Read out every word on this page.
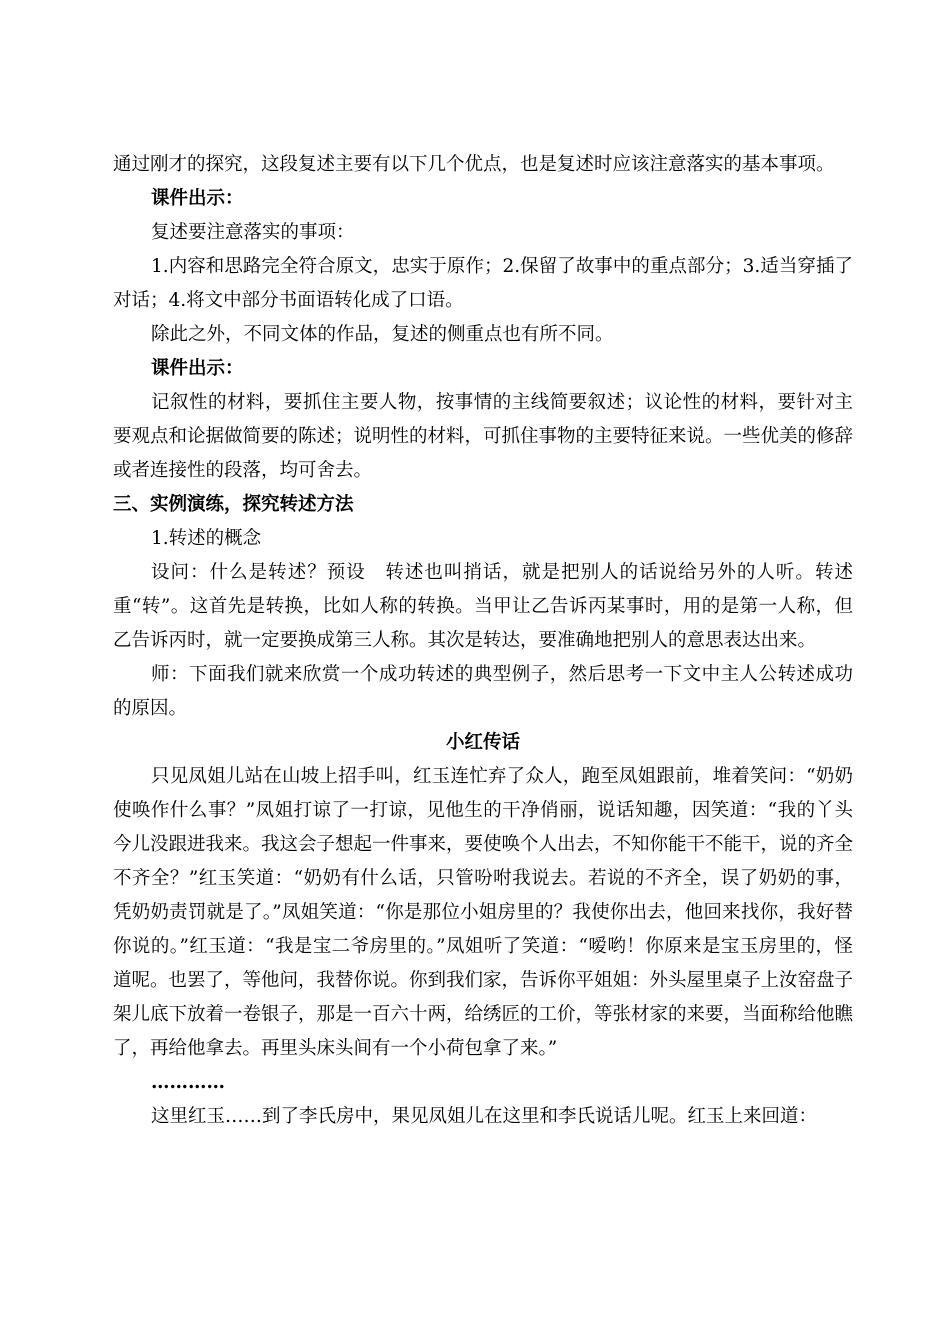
通过刚才的探究，这段复述主要有以下几个优点，也是复述时应该注意落实的基本事项。

课件出示：

复述要注意落实的事项：

1.内容和思路完全符合原文，忠实于原作；2.保留了故事中的重点部分；3.适当穿插了对话；4.将文中部分书面语转化成了口语。

除此之外，不同文体的作品，复述的侧重点也有所不同。

课件出示：

记叙性的材料，要抓住主要人物，按事情的主线简要叙述；议论性的材料，要针对主要观点和论据做简要的陈述；说明性的材料，可抓住事物的主要特征来说。一些优美的修辞或者连接性的段落，均可舍去。

三、实例演练，探究转述方法

1.转述的概念

设问：什么是转述？预设　转述也叫捎话，就是把别人的话说给另外的人听。转述重“转”。这首先是转换，比如人称的转换。当甲让乙告诉丙某事时，用的是第一人称，但乙告诉丙时，就一定要换成第三人称。其次是转达，要准确地把别人的意思表达出来。

师：下面我们就来欣赏一个成功转述的典型例子，然后思考一下文中主人公转述成功的原因。

小红传话

只见凤姐儿站在山坡上招手叫，红玉连忙弃了众人，跑至凤姐跟前，堆着笑问：“奶奶使唤作什么事？”凤姐打谅了一打谅，见他生的干净俏丽，说话知趣，因笑道：“我的丫头今儿没跟进我来。我这会子想起一件事来，要使唤个人出去，不知你能干不能干，说的齐全不齐全？”红玉笑道：“奶奶有什么话，只管吩咐我说去。若说的不齐全，误了奶奶的事，凭奶奶责罚就是了。”凤姐笑道：“你是那位小姐房里的？我使你出去，他回来找你，我好替你说的。”红玉道：“我是宝二爷房里的。”凤姐听了笑道：“嗳哟！你原来是宝玉房里的，怪道呢。也罢了，等他问，我替你说。你到我们家，告诉你平姐姐：外头屋里桌子上汝窑盘子架儿底下放着一卷银子，那是一百六十两，给绣匠的工价，等张材家的来要，当面称给他瞧了，再给他拿去。再里头床头间有一个小荷包拿了来。”

…………

这里红玉……到了李氏房中，果见凤姐儿在这里和李氏说话儿呢。红玉上来回道：
